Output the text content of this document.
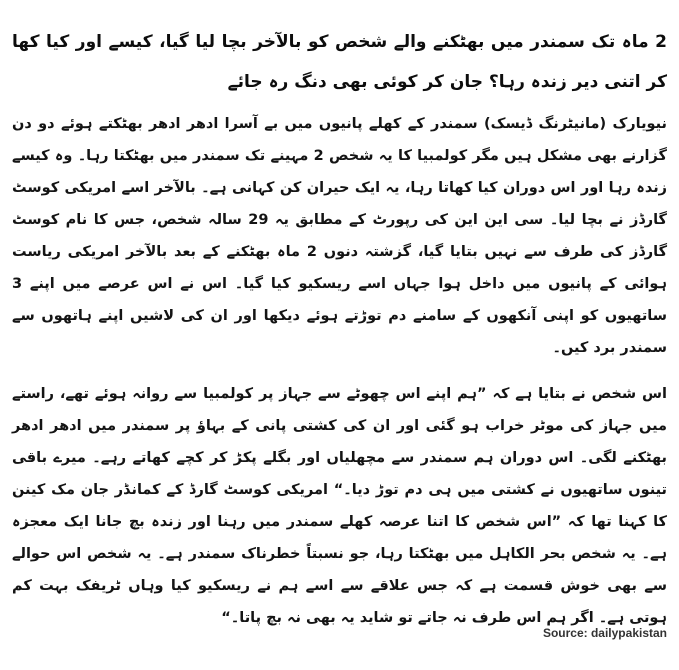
2 ماہ تک سمندر میں بھٹکنے والے شخص کو بالآخر بچا لیا گیا، کیسے اور کیا کھا کر اتنی دیر زندہ رہا؟ جان کر کوئی بھی دنگ رہ جائے

نیویارک (مانیٹرنگ ڈیسک) سمندر کے کھلے پانیوں میں بے آسرا ادھر ادھر بھٹکتے ہوئے دو دن گزارنے بھی مشکل ہیں مگر کولمبیا کا یہ شخص 2 مہینے تک سمندر میں بھٹکتا رہا۔ وہ کیسے زندہ رہا اور اس دوران کیا کھاتا رہا، یہ ایک حیران کن کہانی ہے۔ بالآخر اسے امریکی کوسٹ گارڈز نے بچا لیا۔ سی این این کی رپورٹ کے مطابق یہ 29 سالہ شخص، جس کا نام کوسٹ گارڈز کی طرف سے نہیں بتایا گیا، گزشتہ دنوں 2 ماہ بھٹکنے کے بعد بالآخر امریکی ریاست ہوائی کے پانیوں میں داخل ہوا جہاں اسے ریسکیو کیا گیا۔ اس نے اس عرصے میں اپنے 3 ساتھیوں کو اپنی آنکھوں کے سامنے دم توڑتے ہوئے دیکھا اور ان کی لاشیں اپنے ہاتھوں سے سمندر برد کیں۔

اس شخص نے بتایا ہے کہ ”ہم اپنے اس چھوٹے سے جہاز پر کولمبیا سے روانہ ہوئے تھے، راستے میں جہاز کی موٹر خراب ہو گئی اور ان کی کشتی پانی کے بہاؤ پر سمندر میں ادھر ادھر بھٹکنے لگی۔ اس دوران ہم سمندر سے مچھلیاں اور بگلے پکڑ کر کچے کھاتے رہے۔ میرے باقی تینوں ساتھیوں نے کشتی میں ہی دم توڑ دیا۔“ امریکی کوسٹ گارڈ کے کمانڈر جان مک کینن کا کہنا تھا کہ ”اس شخص کا اتنا عرصہ کھلے سمندر میں رہنا اور زندہ بچ جانا ایک معجزہ ہے۔ یہ شخص بحر الکاہل میں بھٹکتا رہا، جو نسبتاً خطرناک سمندر ہے۔ یہ شخص اس حوالے سے بھی خوش قسمت ہے کہ جس علاقے سے اسے ہم نے ریسکیو کیا وہاں ٹریفک بہت کم ہوتی ہے۔ اگر ہم اس طرف نہ جاتے تو شاید یہ بھی نہ بچ پاتا۔“

Source: dailypakistan
